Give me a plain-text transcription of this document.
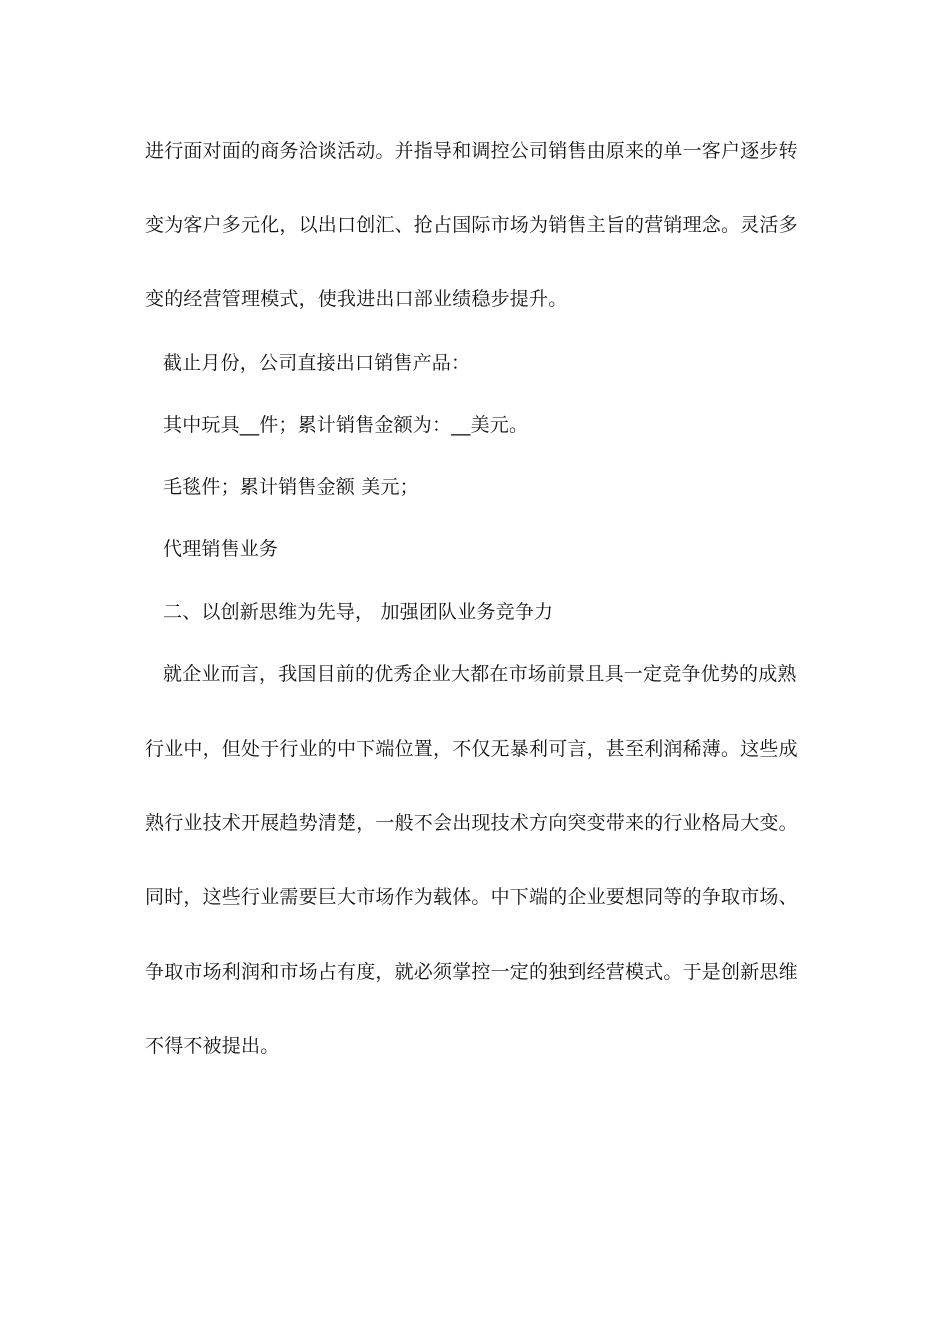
进行面对面的商务洽谈活动。并指导和调控公司销售由原来的单一客户逐步转
变为客户多元化，以出口创汇、抢占国际市场为销售主旨的营销理念。灵活多
变的经营管理模式，使我进出口部业绩稳步提升。
截止月份，公司直接出口销售产品：
其中玩具__件；累计销售金额为：__美元。
毛毯件；累计销售金额 美元；
代理销售业务
二、以创新思维为先导， 加强团队业务竞争力
就企业而言，我国目前的优秀企业大都在市场前景且具一定竞争优势的成熟
行业中，但处于行业的中下端位置，不仅无暴利可言，甚至利润稀薄。这些成
熟行业技术开展趋势清楚，一般不会出现技术方向突变带来的行业格局大变。
同时，这些行业需要巨大市场作为载体。中下端的企业要想同等的争取市场、
争取市场利润和市场占有度，就必须掌控一定的独到经营模式。于是创新思维
不得不被提出。
